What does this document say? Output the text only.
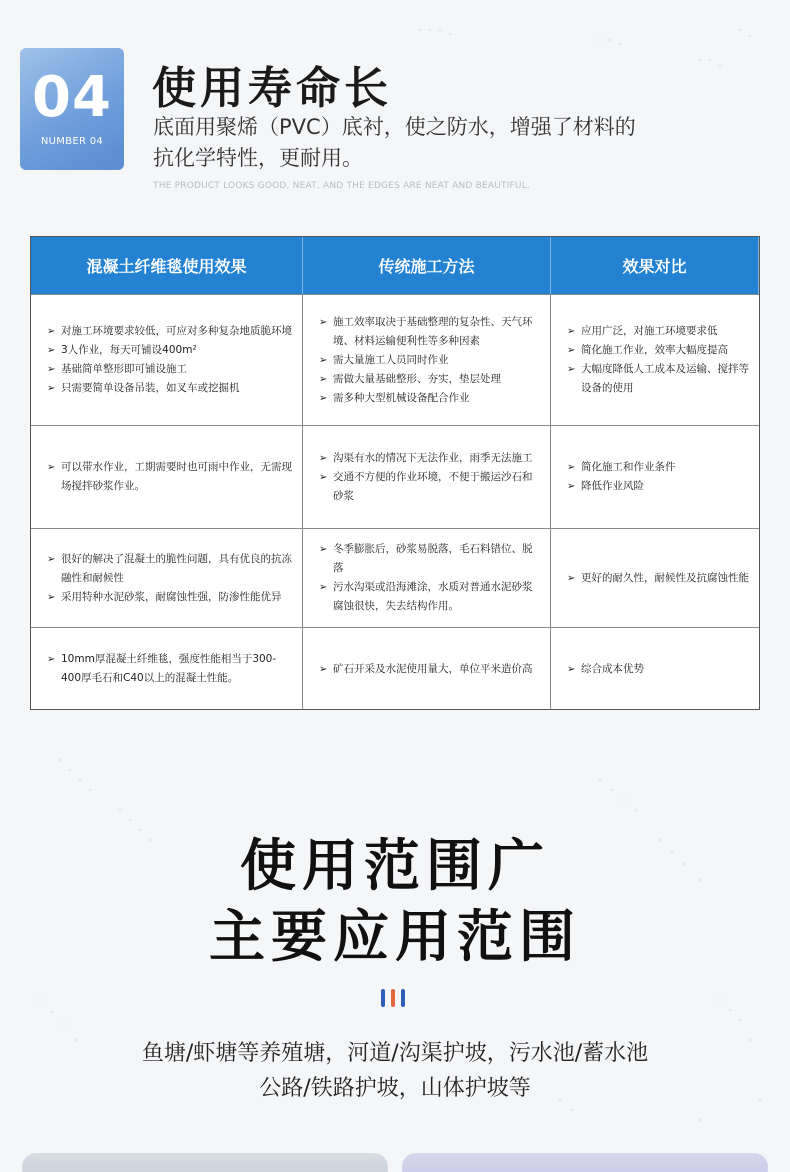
04
NUMBER 04
使用寿命长
底面用聚烯（PVC）底衬，使之防水，增强了材料的
抗化学特性，更耐用。
THE PRODUCT LOOKS GOOD, NEAT, AND THE EDGES ARE NEAT AND BEAUTIFUL.
混凝土纤维毯使用效果	传统施工方法	效果对比
➢ 对施工环境要求较低，可应对多种复杂地质脆环境
➢ 3人作业，每天可铺设400m²
➢ 基础简单整形即可铺设施工
➢ 只需要简单设备吊装，如叉车或挖掘机
➢ 施工效率取决于基础整理的复杂性、天气环境、材料运输便利性等多种因素
➢ 需大量施工人员同时作业
➢ 需做大量基础整形、夯实，垫层处理
➢ 需多种大型机械设备配合作业
➢ 应用广泛，对施工环境要求低
➢ 简化施工作业，效率大幅度提高
➢ 大幅度降低人工成本及运输、搅拌等设备的使用
➢ 可以带水作业，工期需要时也可雨中作业，无需现场搅拌砂浆作业。
➢ 沟渠有水的情况下无法作业，雨季无法施工
➢ 交通不方便的作业环境，不便于搬运沙石和砂浆
➢ 简化施工和作业条件
➢ 降低作业风险
➢ 很好的解决了混凝土的脆性问题，具有优良的抗冻融性和耐候性
➢ 采用特种水泥砂浆，耐腐蚀性强，防渗性能优异
➢ 冬季膨胀后，砂浆易脱落，毛石料错位、脱落
➢ 污水沟渠或沿海滩涂，水质对普通水泥砂浆腐蚀很快，失去结构作用。
➢ 更好的耐久性，耐候性及抗腐蚀性能
➢ 10mm厚混凝土纤维毯，强度性能相当于300-400厚毛石和C40以上的混凝土性能。
➢ 矿石开采及水泥使用量大，单位平米造价高
➢	综合成本优势
使用范围广
主要应用范围
鱼塘/虾塘等养殖塘，河道/沟渠护坡，污水池/蓄水池
公路/铁路护坡，山体护坡等
